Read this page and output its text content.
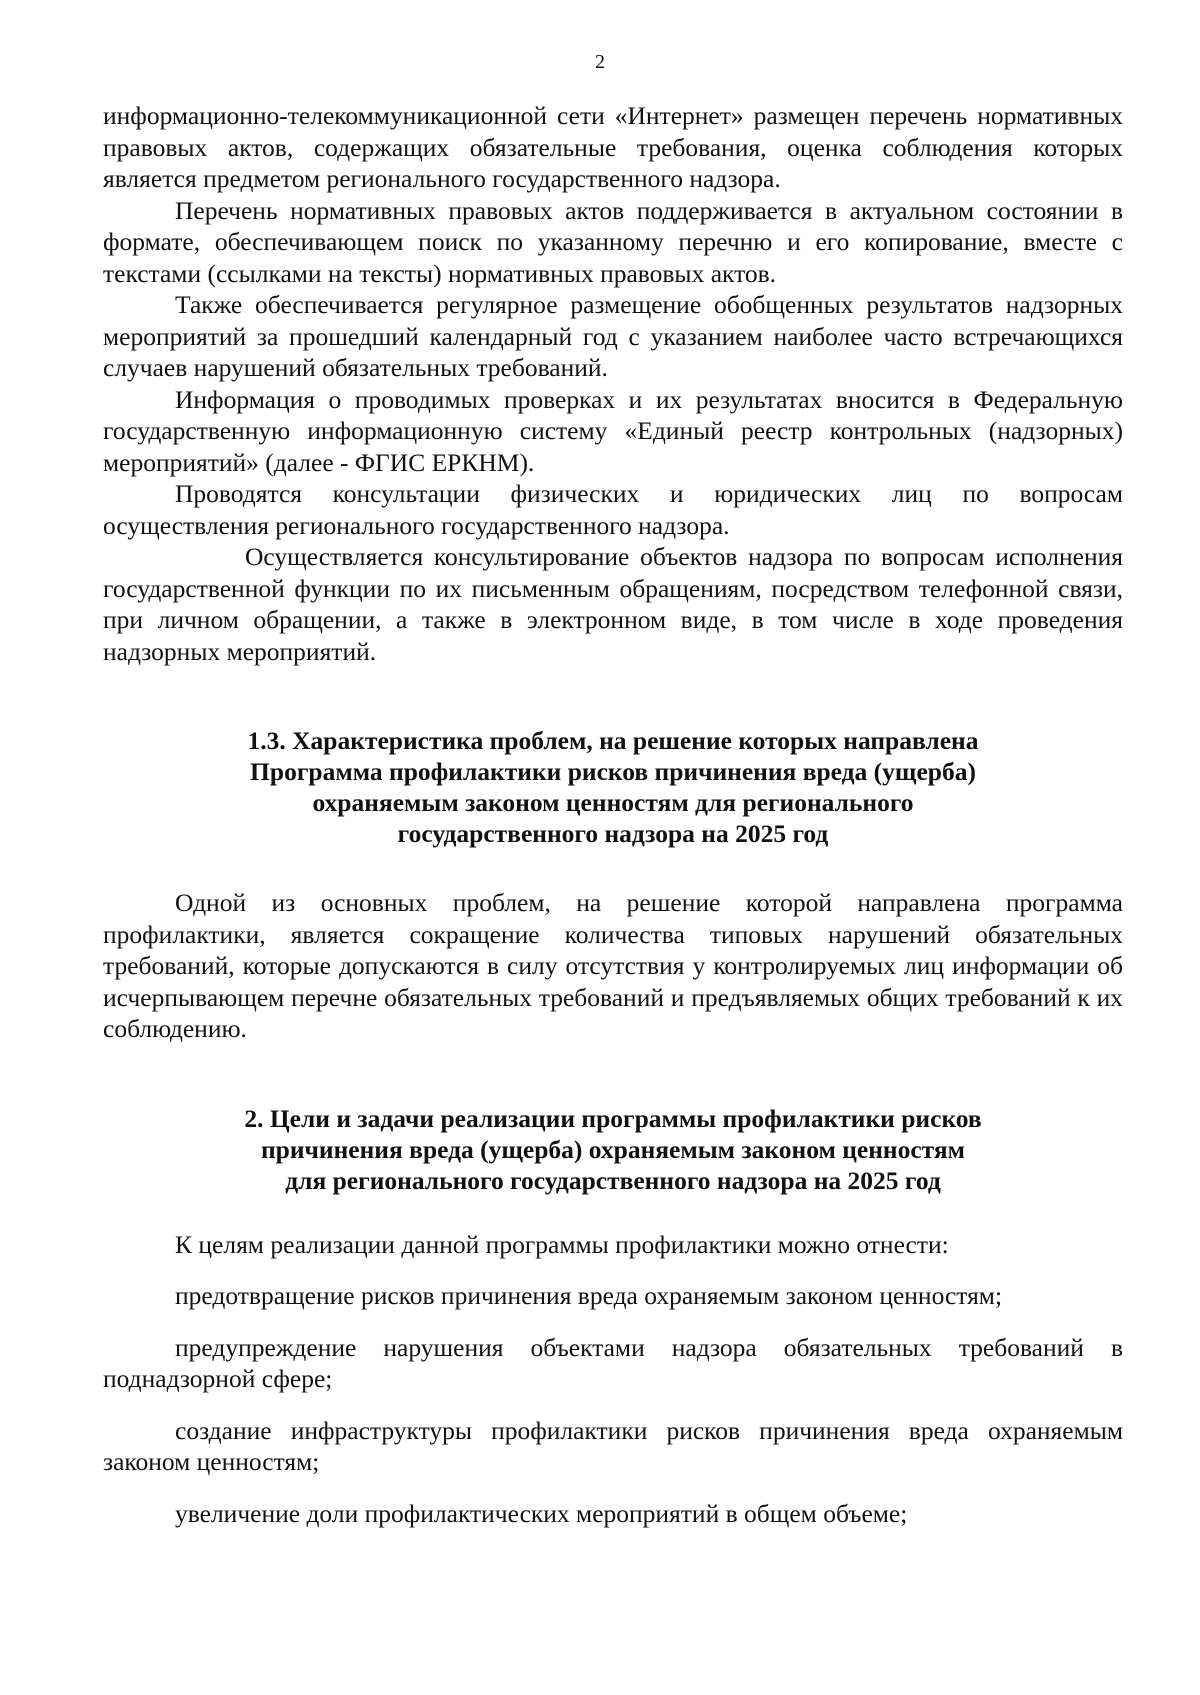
2

информационно-телекоммуникационной сети «Интернет» размещен перечень нормативных правовых актов, содержащих обязательные требования, оценка соблюдения которых является предметом регионального государственного надзора.

Перечень нормативных правовых актов поддерживается в актуальном состоянии в формате, обеспечивающем поиск по указанному перечню и его копирование, вместе с текстами (ссылками на тексты) нормативных правовых актов.

Также обеспечивается регулярное размещение обобщенных результатов надзорных мероприятий за прошедший календарный год с указанием наиболее часто встречающихся случаев нарушений обязательных требований.

Информация о проводимых проверках и их результатах вносится в Федеральную государственную информационную систему «Единый реестр контрольных (надзорных) мероприятий» (далее - ФГИС ЕРКНМ).

Проводятся консультации физических и юридических лиц по вопросам осуществления регионального государственного надзора.

Осуществляется консультирование объектов надзора по вопросам исполнения государственной функции по их письменным обращениям, посредством телефонной связи, при личном обращении, а также в электронном виде, в том числе в ходе проведения надзорных мероприятий.

1.3. Характеристика проблем, на решение которых направлена
Программа профилактики рисков причинения вреда (ущерба)
охраняемым законом ценностям для регионального
государственного надзора на 2025 год

Одной из основных проблем, на решение которой направлена программа профилактики, является сокращение количества типовых нарушений обязательных требований, которые допускаются в силу отсутствия у контролируемых лиц информации об исчерпывающем перечне обязательных требований и предъявляемых общих требований к их соблюдению.

2. Цели и задачи реализации программы профилактики рисков
причинения вреда (ущерба) охраняемым законом ценностям
для регионального государственного надзора на 2025 год

К целям реализации данной программы профилактики можно отнести:

предотвращение рисков причинения вреда охраняемым законом ценностям;

предупреждение нарушения объектами надзора обязательных требований в поднадзорной сфере;

создание инфраструктуры профилактики рисков причинения вреда охраняемым законом ценностям;

увеличение доли профилактических мероприятий в общем объеме;
